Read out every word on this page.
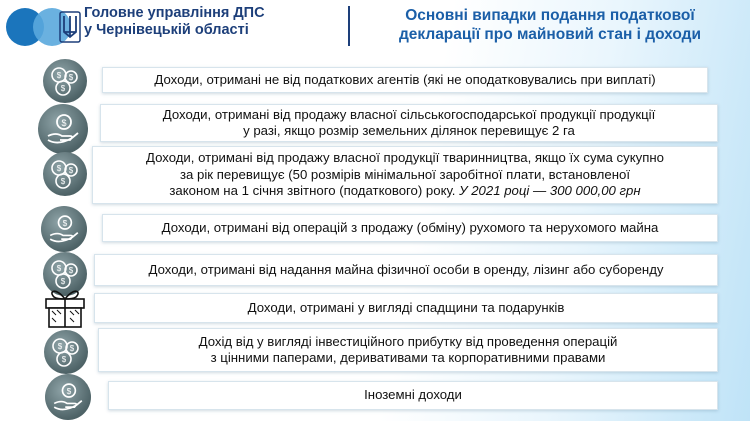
Головне управління ДПС
у Чернівецькій області
Основні випадки подання податкової
декларації про майновий стан і доходи
$ $
$
Доходи, отримані не від податкових агентів (які не оподатковувались при виплаті)
$
Доходи, отримані від продажу власної сільськогосподарської продукції продукції
у разі, якщо розмір земельних ділянок перевищує 2 га
$ $
$
Доходи, отримані від продажу власної продукції тваринництва, якщо їх сума сукупно
за рік перевищує (50 розмірів мінімальної заробітної плати, встановленої
законом на 1 січня звітного (податкового) року. У 2021 році — 300 000,00 грн
$	Доходи, отримані від операцій з продажу (обміну) рухомого та нерухомого майна
$ $
$
Доходи, отримані від надання майна фізичної особи в оренду, лізинг або суборенду
Доходи, отримані у вигляді спадщини та подарунків
$ $
$
Дохід від у вигляді інвестиційного прибутку від проведення операцій
з цінними паперами, деривативами та корпоративними правами
$	Іноземні доходи
